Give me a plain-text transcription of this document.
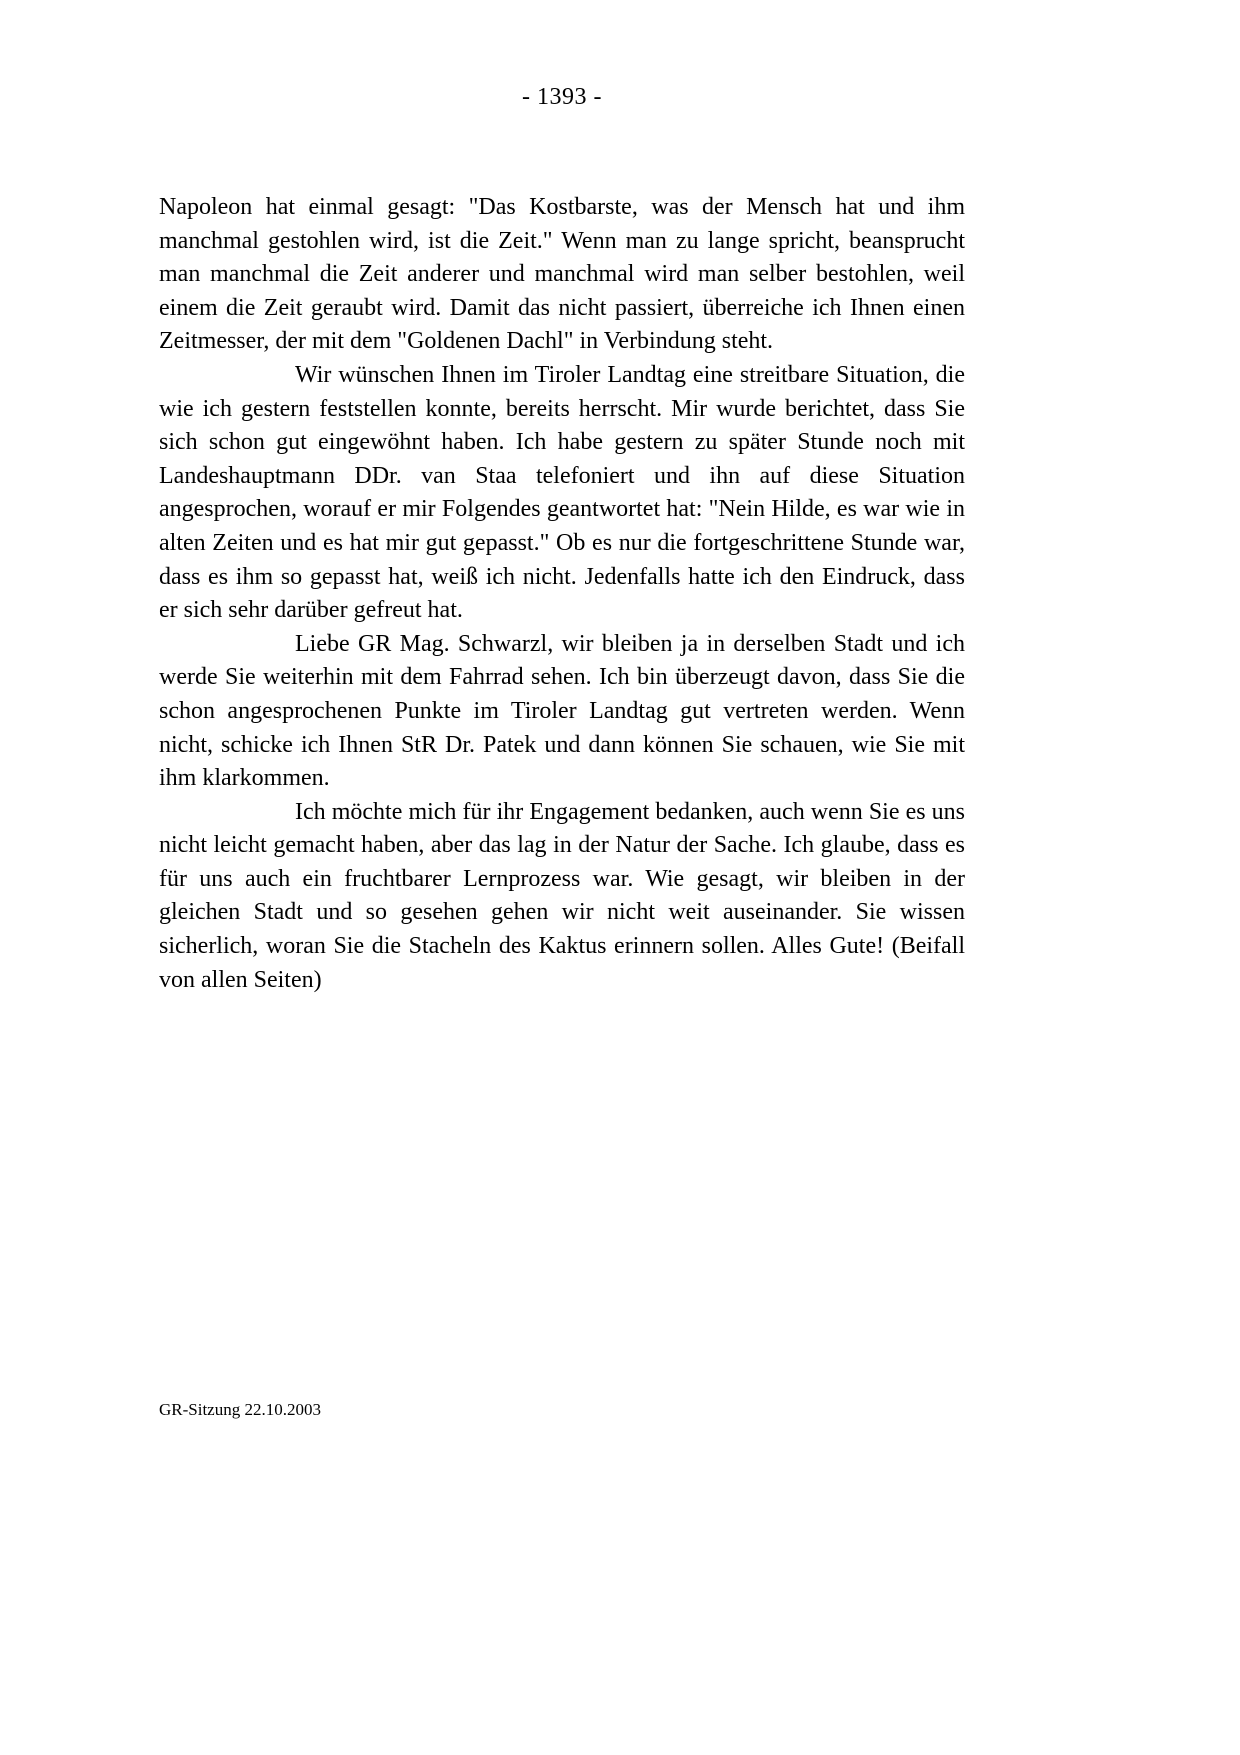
- 1393 -

Napoleon hat einmal gesagt: "Das Kostbarste, was der Mensch hat und ihm manchmal gestohlen wird, ist die Zeit." Wenn man zu lange spricht, beansprucht man manchmal die Zeit anderer und manchmal wird man selber bestohlen, weil einem die Zeit geraubt wird. Damit das nicht passiert, überreiche ich Ihnen einen Zeitmesser, der mit dem "Goldenen Dachl" in Verbindung steht.

Wir wünschen Ihnen im Tiroler Landtag eine streitbare Situation, die wie ich gestern feststellen konnte, bereits herrscht. Mir wurde berichtet, dass Sie sich schon gut eingewöhnt haben. Ich habe gestern zu später Stunde noch mit Landeshauptmann DDr. van Staa telefoniert und ihn auf diese Situation angesprochen, worauf er mir Folgendes geantwortet hat: "Nein Hilde, es war wie in alten Zeiten und es hat mir gut gepasst." Ob es nur die fortgeschrittene Stunde war, dass es ihm so gepasst hat, weiß ich nicht. Jedenfalls hatte ich den Eindruck, dass er sich sehr darüber gefreut hat.

Liebe GR Mag. Schwarzl, wir bleiben ja in derselben Stadt und ich werde Sie weiterhin mit dem Fahrrad sehen. Ich bin überzeugt davon, dass Sie die schon angesprochenen Punkte im Tiroler Landtag gut vertreten werden. Wenn nicht, schicke ich Ihnen StR Dr. Patek und dann können Sie schauen, wie Sie mit ihm klarkommen.

Ich möchte mich für ihr Engagement bedanken, auch wenn Sie es uns nicht leicht gemacht haben, aber das lag in der Natur der Sache. Ich glaube, dass es für uns auch ein fruchtbarer Lernprozess war. Wie gesagt, wir bleiben in der gleichen Stadt und so gesehen gehen wir nicht weit auseinander. Sie wissen sicherlich, woran Sie die Stacheln des Kaktus erinnern sollen. Alles Gute! (Beifall von allen Seiten)

GR-Sitzung 22.10.2003
